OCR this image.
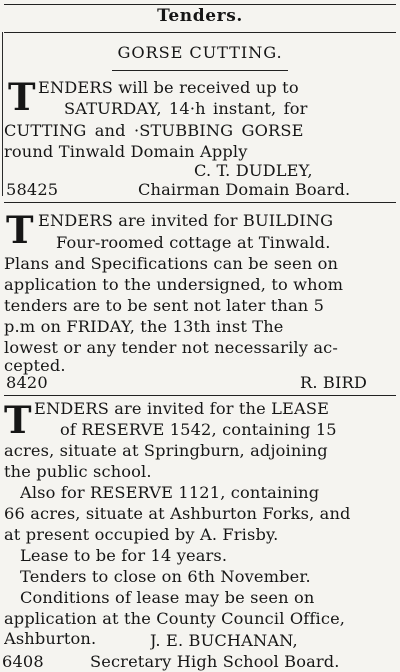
Tenders.
GORSE CUTTING.
T ENDERS will be received up to
SATURDAY, 14·h instant, for
CUTTING and ·STUBBING GORSE
round Tinwald Domain Apply
C. T. DUDLEY,
58425	Chairman Domain Board.
T ENDERS are invited for BUILDING
Four-roomed cottage at Tinwald.
Plans and Specifications can be seen on
application to the undersigned, to whom
tenders are to be sent not later than 5
p.m on FRIDAY, the 13th inst The
lowest or any tender not necessarily ac-
cepted.
8420	R. BIRD
T ENDERS are invited for the LEASE
of RESERVE 1542, containing 15
acres, situate at Springburn, adjoining
the public school.
Also for RESERVE 1121, containing
66 acres, situate at Ashburton Forks, and
at present occupied by A. Frisby.
Lease to be for 14 years.
Tenders to close on 6th November.
Conditions of lease may be seen on
application at the County Council Office,
Ashburton.	J. E. BUCHANAN,
6408	Secretary High School Board.
